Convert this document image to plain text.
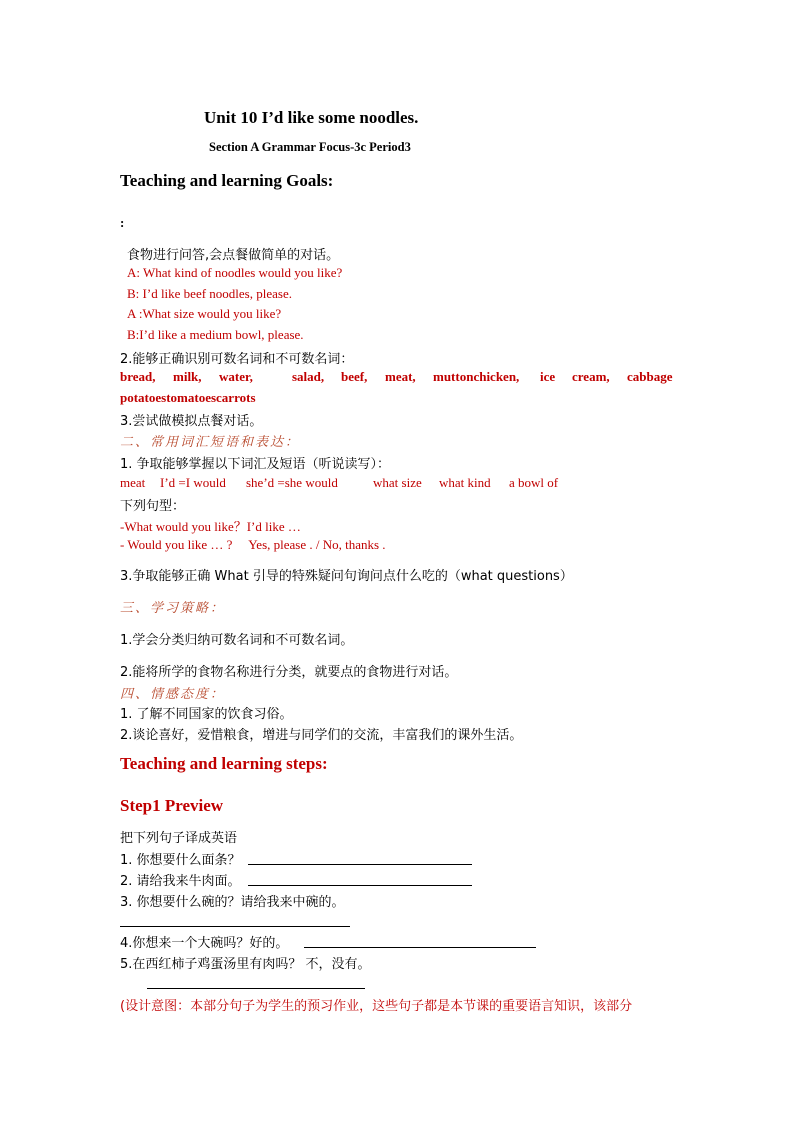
Unit 10 I’d like some noodles.
Section A Grammar Focus-3c Period3
Teaching and learning Goals:
:
食物进行问答,会点餐做简单的对话。
A: What kind of noodles would you like?
B: I’d like beef noodles, please.
A :What size would you like?
B:I’d like a medium bowl, please.
2.能够正确识别可数名词和不可数名词：
bread, milk, water,	salad, beef, meat, muttonchicken, ice cream, cabbage
potatoestomatoescarrots
3.尝试做模拟点餐对话。
二、常用词汇短语和表达：
1. 争取能够掌握以下词汇及短语（听说读写）：
meat I’d =I would she’d =she would	what size what kind a bowl of
下列句型：
-What would you like？I’d like …
- Would you like … ?     Yes, please . / No, thanks .
3.争取能够正确 What 引导的特殊疑问句询问点什么吃的（what questions）
三、学习策略：
1.学会分类归纳可数名词和不可数名词。
2.能将所学的食物名称进行分类，就要点的食物进行对话。
四、情感态度：
1. 了解不同国家的饮食习俗。
2.谈论喜好，爱惜粮食，增进与同学们的交流，丰富我们的课外生活。
Teaching and learning steps:
Step1 Preview
把下列句子译成英语
1. 你想要什么面条？
2. 请给我来牛肉面。
3. 你想要什么碗的？请给我来中碗的。
4.你想来一个大碗吗？好的。
5.在西红柿子鸡蛋汤里有肉吗？ 不，没有。
(设计意图：本部分句子为学生的预习作业，这些句子都是本节课的重要语言知识，该部分
